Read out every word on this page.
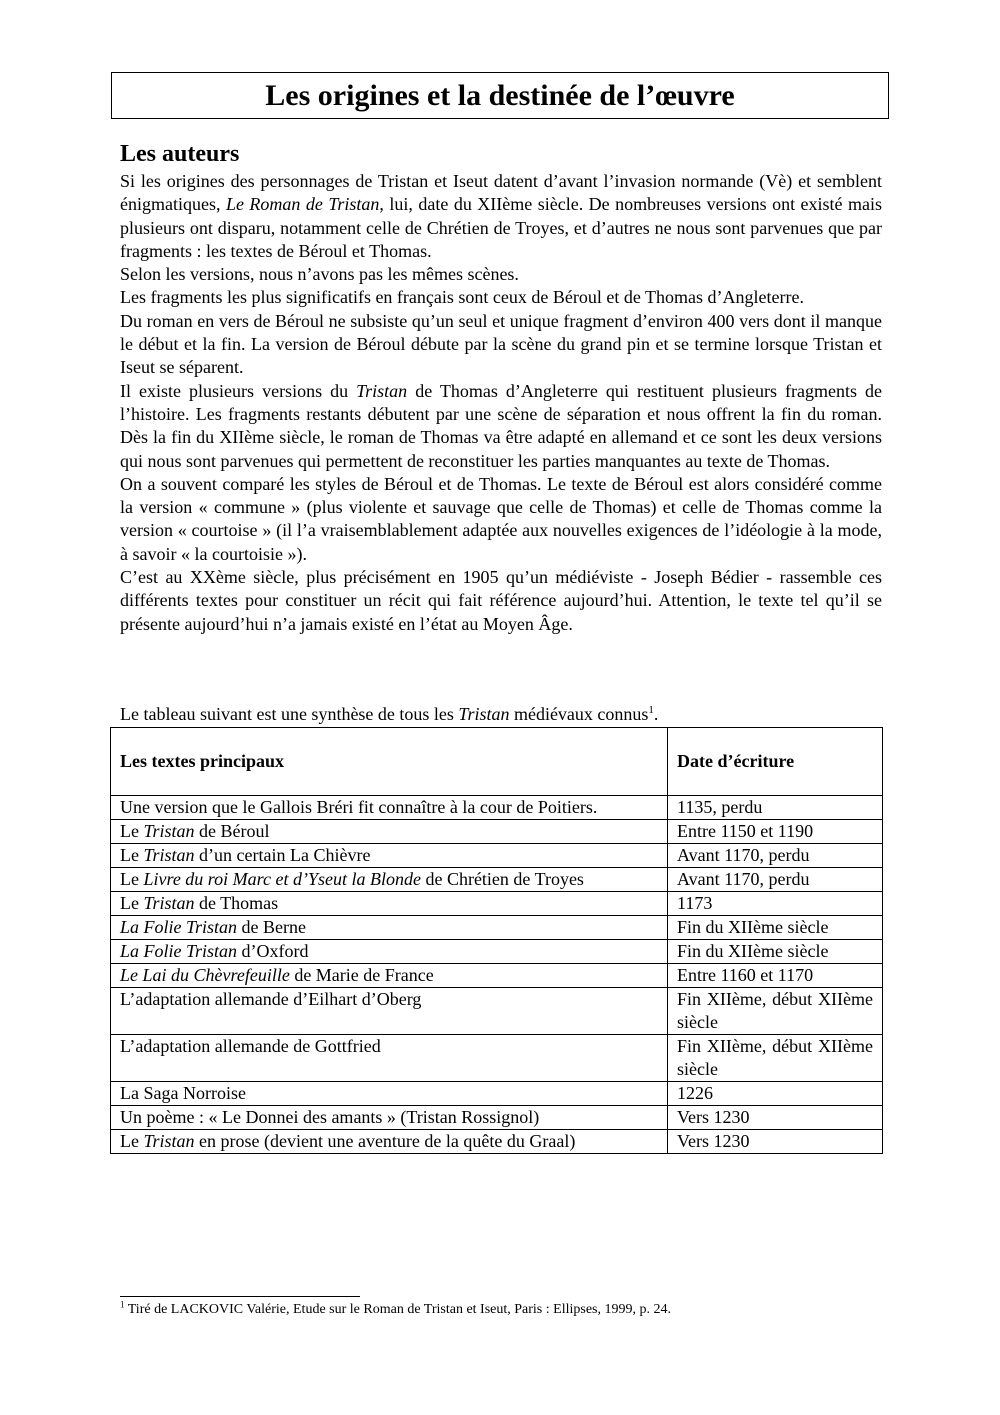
Les origines et la destinée de l’œuvre
Les auteurs

Si les origines des personnages de Tristan et Iseut datent d’avant l’invasion normande (Vè) et semblent énigmatiques, Le Roman de Tristan, lui, date du XIIème siècle. De nombreuses versions ont existé mais plusieurs ont disparu, notamment celle de Chrétien de Troyes, et d’autres ne nous sont parvenues que par fragments : les textes de Béroul et Thomas.

Selon les versions, nous n’avons pas les mêmes scènes.

Les fragments les plus significatifs en français sont ceux de Béroul et de Thomas d’Angleterre.

Du roman en vers de Béroul ne subsiste qu’un seul et unique fragment d’environ 400 vers dont il manque le début et la fin. La version de Béroul débute par la scène du grand pin et se termine lorsque Tristan et Iseut se séparent.

Il existe plusieurs versions du Tristan de Thomas d’Angleterre qui restituent plusieurs fragments de l’histoire. Les fragments restants débutent par une scène de séparation et nous offrent la fin du roman. Dès la fin du XIIème siècle, le roman de Thomas va être adapté en allemand et ce sont les deux versions qui nous sont parvenues qui permettent de reconstituer les parties manquantes au texte de Thomas.

On a souvent comparé les styles de Béroul et de Thomas. Le texte de Béroul est alors considéré comme la version « commune » (plus violente et sauvage que celle de Thomas) et celle de Thomas comme la version « courtoise » (il l’a vraisemblablement adaptée aux nouvelles exigences de l’idéologie à la mode, à savoir « la courtoisie »).

C’est au XXème siècle, plus précisément en 1905 qu’un médiéviste - Joseph Bédier - rassemble ces différents textes pour constituer un récit qui fait référence aujourd’hui. Attention, le texte tel qu’il se présente aujourd’hui n’a jamais existé en l’état au Moyen Âge.

Le tableau suivant est une synthèse de tous les Tristan médiévaux connus$^1$.

Les textes principaux	Date d’écriture
Une version que le Gallois Bréri fit connaître à la cour de Poitiers.	1135, perdu
Le Tristan de Béroul	Entre 1150 et 1190
Le Tristan d’un certain La Chièvre	Avant 1170, perdu
Le Livre du roi Marc et d’Yseut la Blonde de Chrétien de Troyes	Avant 1170, perdu
Le Tristan de Thomas	1173
La Folie Tristan de Berne	Fin du XIIème siècle
La Folie Tristan d’Oxford	Fin du XIIème siècle
Le Lai du Chèvrefeuille de Marie de France	Entre 1160 et 1170
L’adaptation allemande d’Eilhart d’Oberg	Fin XIIème, début XIIème siècle
L’adaptation allemande de Gottfried	Fin XIIème, début XIIème siècle
La Saga Norroise	1226
Un poème : « Le Donnei des amants » (Tristan Rossignol)	Vers 1230
Le Tristan en prose (devient une aventure de la quête du Graal)	Vers 1230

$^1$ Tiré de LACKOVIC Valérie, Etude sur le Roman de Tristan et Iseut, Paris : Ellipses, 1999, p. 24.
